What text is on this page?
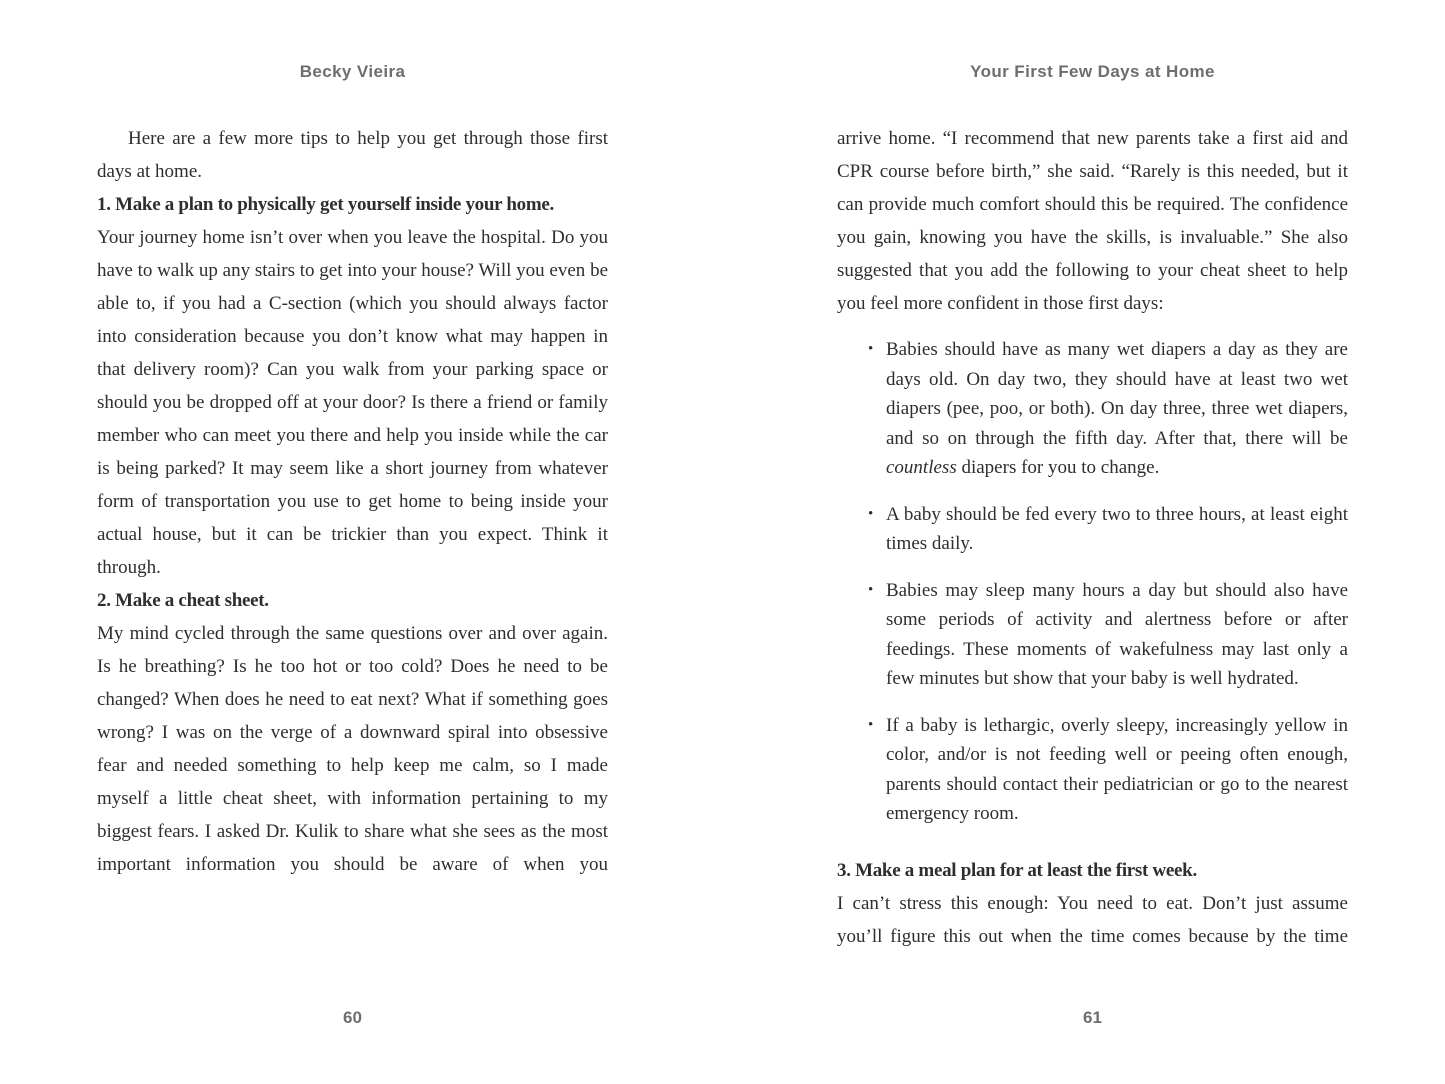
Becky Vieira

Here are a few more tips to help you get through those first days at home.

1. Make a plan to physically get yourself inside your home.

Your journey home isn’t over when you leave the hospital. Do you have to walk up any stairs to get into your house? Will you even be able to, if you had a C-section (which you should always factor into consideration because you don’t know what may happen in that delivery room)? Can you walk from your parking space or should you be dropped off at your door? Is there a friend or family member who can meet you there and help you inside while the car is being parked? It may seem like a short journey from whatever form of transportation you use to get home to being inside your actual house, but it can be trickier than you expect. Think it through.

2. Make a cheat sheet.

My mind cycled through the same questions over and over again. Is he breathing? Is he too hot or too cold? Does he need to be changed? When does he need to eat next? What if something goes wrong? I was on the verge of a downward spiral into obsessive fear and needed something to help keep me calm, so I made myself a little cheat sheet, with information pertaining to my biggest fears. I asked Dr. Kulik to share what she sees as the most important information you should be aware of when you

60
Your First Few Days at Home

arrive home. “I recommend that new parents take a first aid and CPR course before birth,” she said. “Rarely is this needed, but it can provide much comfort should this be required. The confidence you gain, knowing you have the skills, is invaluable.” She also suggested that you add the following to your cheat sheet to help you feel more confident in those first days:

• Babies should have as many wet diapers a day as they are days old. On day two, they should have at least two wet diapers (pee, poo, or both). On day three, three wet diapers, and so on through the fifth day. After that, there will be countless diapers for you to change.
• A baby should be fed every two to three hours, at least eight times daily.
• Babies may sleep many hours a day but should also have some periods of activity and alertness before or after feedings. These moments of wakefulness may last only a few minutes but show that your baby is well hydrated.
• If a baby is lethargic, overly sleepy, increasingly yellow in color, and/or is not feeding well or peeing often enough, parents should contact their pediatrician or go to the nearest emergency room.

3. Make a meal plan for at least the first week.

I can’t stress this enough: You need to eat. Don’t just assume you’ll figure this out when the time comes because by the time

61
